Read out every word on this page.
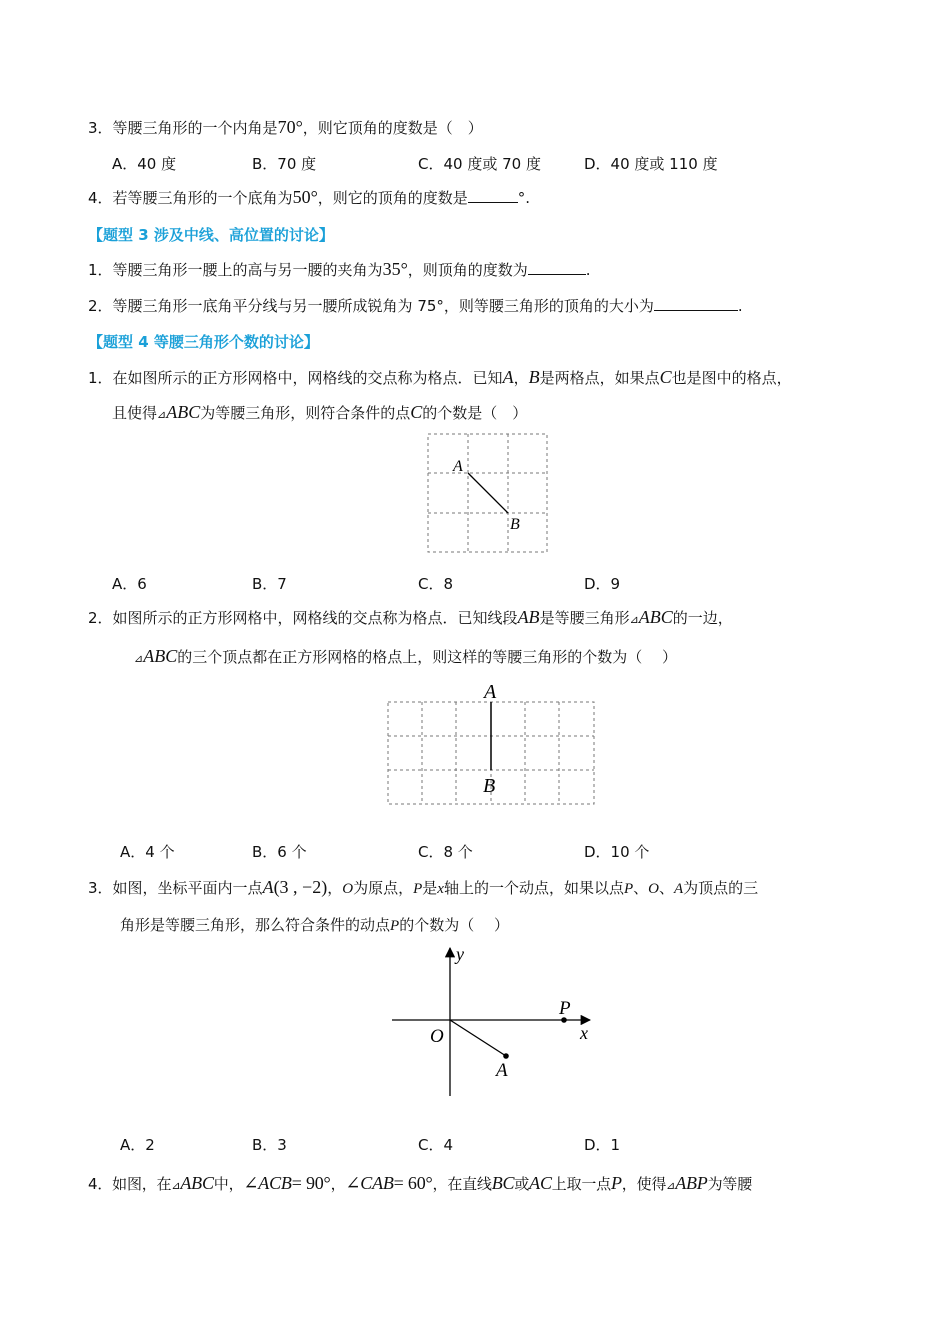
3．等腰三角形的一个内角是70°，则它顶角的度数是（　）
A．40 度	B．70 度	C．40 度或 70 度	D．40 度或 110 度
4．若等腰三角形的一个底角为50°，则它的顶角的度数是	°.
【题型 3 涉及中线、高位置的讨论】
1．等腰三角形一腰上的高与另一腰的夹角为35°，则顶角的度数为	.
2．等腰三角形一底角平分线与另一腰所成锐角为 75°，则等腰三角形的顶角的大小为	.
【题型 4 等腰三角形个数的讨论】
1．在如图所示的正方形网格中，网格线的交点称为格点．已知A，B是两格点，如果点C也是图中的格点，
且使得⊿ABC为等腰三角形，则符合条件的点C的个数是（　）
A
B
A．6	B．7	C．8	D．9
2．如图所示的正方形网格中，网格线的交点称为格点．已知线段AB是等腰三角形⊿ABC的一边，
⊿ABC的三个顶点都在正方形网格的格点上，则这样的等腰三角形的个数为（　 ）
A
B
A．4 个	B．6 个	C．8 个	D．10 个
3．如图，坐标平面内一点A(3 , −2)，O为原点，P是x轴上的一个动点，如果以点P、O、A为顶点的三
角形是等腰三角形，那么符合条件的动点P的个数为（　 ）
y
x
O
P
A
A．2	B．3	C．4	D．1
4．如图，在⊿ABC中，∠ACB= 90°，∠CAB= 60°，在直线BC或AC上取一点P，使得⊿ABP为等腰
